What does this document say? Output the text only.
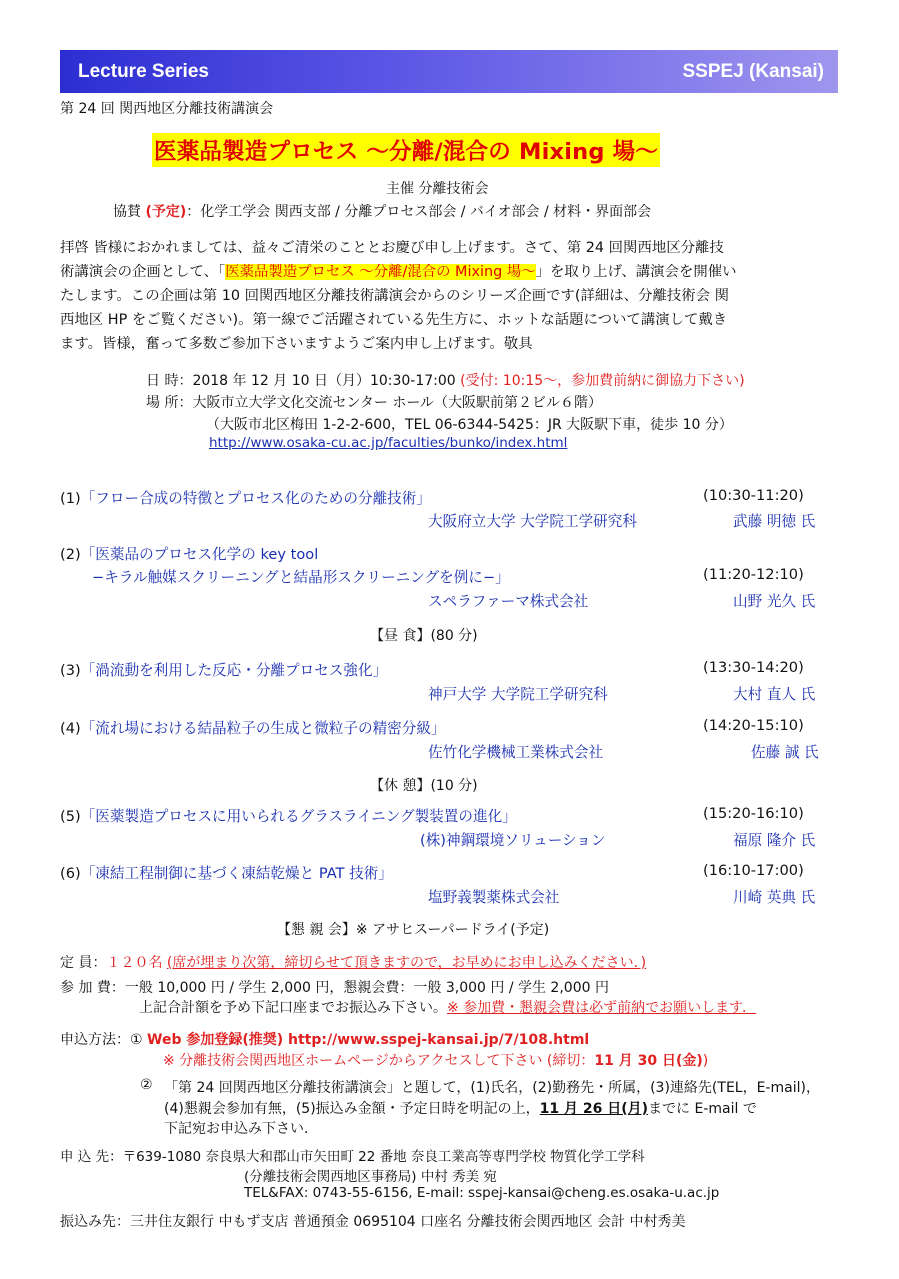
Lecture Series	SSPEJ (Kansai)
第 24 回 関西地区分離技術講演会
医薬品製造プロセス 〜分離/混合の Mixing 場〜
主催 分離技術会
協賛 (予定)：化学工学会 関西支部 / 分離プロセス部会 / バイオ部会 / 材料・界面部会
拝啓 皆様におかれましては、益々ご清栄のこととお慶び申し上げます。さて、第 24 回関西地区分離技
術講演会の企画として、「医薬品製造プロセス 〜分離/混合の Mixing 場〜」を取り上げ、講演会を開催い
たします。この企画は第 10 回関西地区分離技術講演会からのシリーズ企画です(詳細は、分離技術会 関
西地区 HP をご覧ください)。第一線でご活躍されている先生方に、ホットな話題について講演して戴き
ます。皆様，奮って多数ご参加下さいますようご案内申し上げます。敬具
日 時：2018 年 12 月 10 日（月）10:30-17:00 (受付: 10:15〜，参加費前納に御協力下さい)
場 所：大阪市立大学文化交流センター ホール（大阪駅前第２ビル６階）
（大阪市北区梅田 1-2-2-600，TEL 06-6344-5425：JR 大阪駅下車，徒歩 10 分）
http://www.osaka-cu.ac.jp/faculties/bunko/index.html
(1)「フロー合成の特徴とプロセス化のための分離技術」	(10:30-11:20)
大阪府立大学 大学院工学研究科	武藤 明徳 氏
(2)「医薬品のプロセス化学の key tool
−キラル触媒スクリーニングと結晶形スクリーニングを例に−」	(11:20-12:10)
スペラファーマ株式会社	山野 光久 氏
【昼 食】(80 分)
(3)「渦流動を利用した反応・分離プロセス強化」	(13:30-14:20)
神戸大学 大学院工学研究科	大村 直人 氏
(4)「流れ場における結晶粒子の生成と微粒子の精密分級」	(14:20-15:10)
佐竹化学機械工業株式会社	佐藤 誠 氏
【休 憩】(10 分)
(5)「医薬製造プロセスに用いられるグラスライニング製装置の進化」	(15:20-16:10)
(株)神鋼環境ソリューション	福原 隆介 氏
(6)「凍結工程制御に基づく凍結乾燥と PAT 技術」	(16:10-17:00)
塩野義製薬株式会社	川崎 英典 氏
【懇 親 会】※ アサヒスーパードライ(予定)
定 員：１２０名 (席が埋まり次第，締切らせて頂きますので，お早めにお申し込みください．)
参 加 費：一般 10,000 円 / 学生 2,000 円，懇親会費：一般 3,000 円 / 学生 2,000 円
上記合計額を予め下記口座までお振込み下さい。※ 参加費・懇親会費は必ず前納でお願いします．
申込方法：① Web 参加登録(推奨) http://www.sspej-kansai.jp/7/108.html
※ 分離技術会関西地区ホームページからアクセスして下さい (締切：11 月 30 日(金))
② 「第 24 回関西地区分離技術講演会」と題して，(1)氏名，(2)勤務先・所属，(3)連絡先(TEL，E-mail)，
(4)懇親会参加有無，(5)振込み金額・予定日時を明記の上，11 月 26 日(月)までに E-mail で
下記宛お申込み下さい．
申 込 先：〒639-1080 奈良県大和郡山市矢田町 22 番地 奈良工業高等専門学校 物質化学工学科
(分離技術会関西地区事務局) 中村 秀美 宛
TEL&FAX: 0743-55-6156, E-mail: sspej-kansai@cheng.es.osaka-u.ac.jp
振込み先：三井住友銀行 中もず支店 普通預金 0695104 口座名 分離技術会関西地区 会計 中村秀美
